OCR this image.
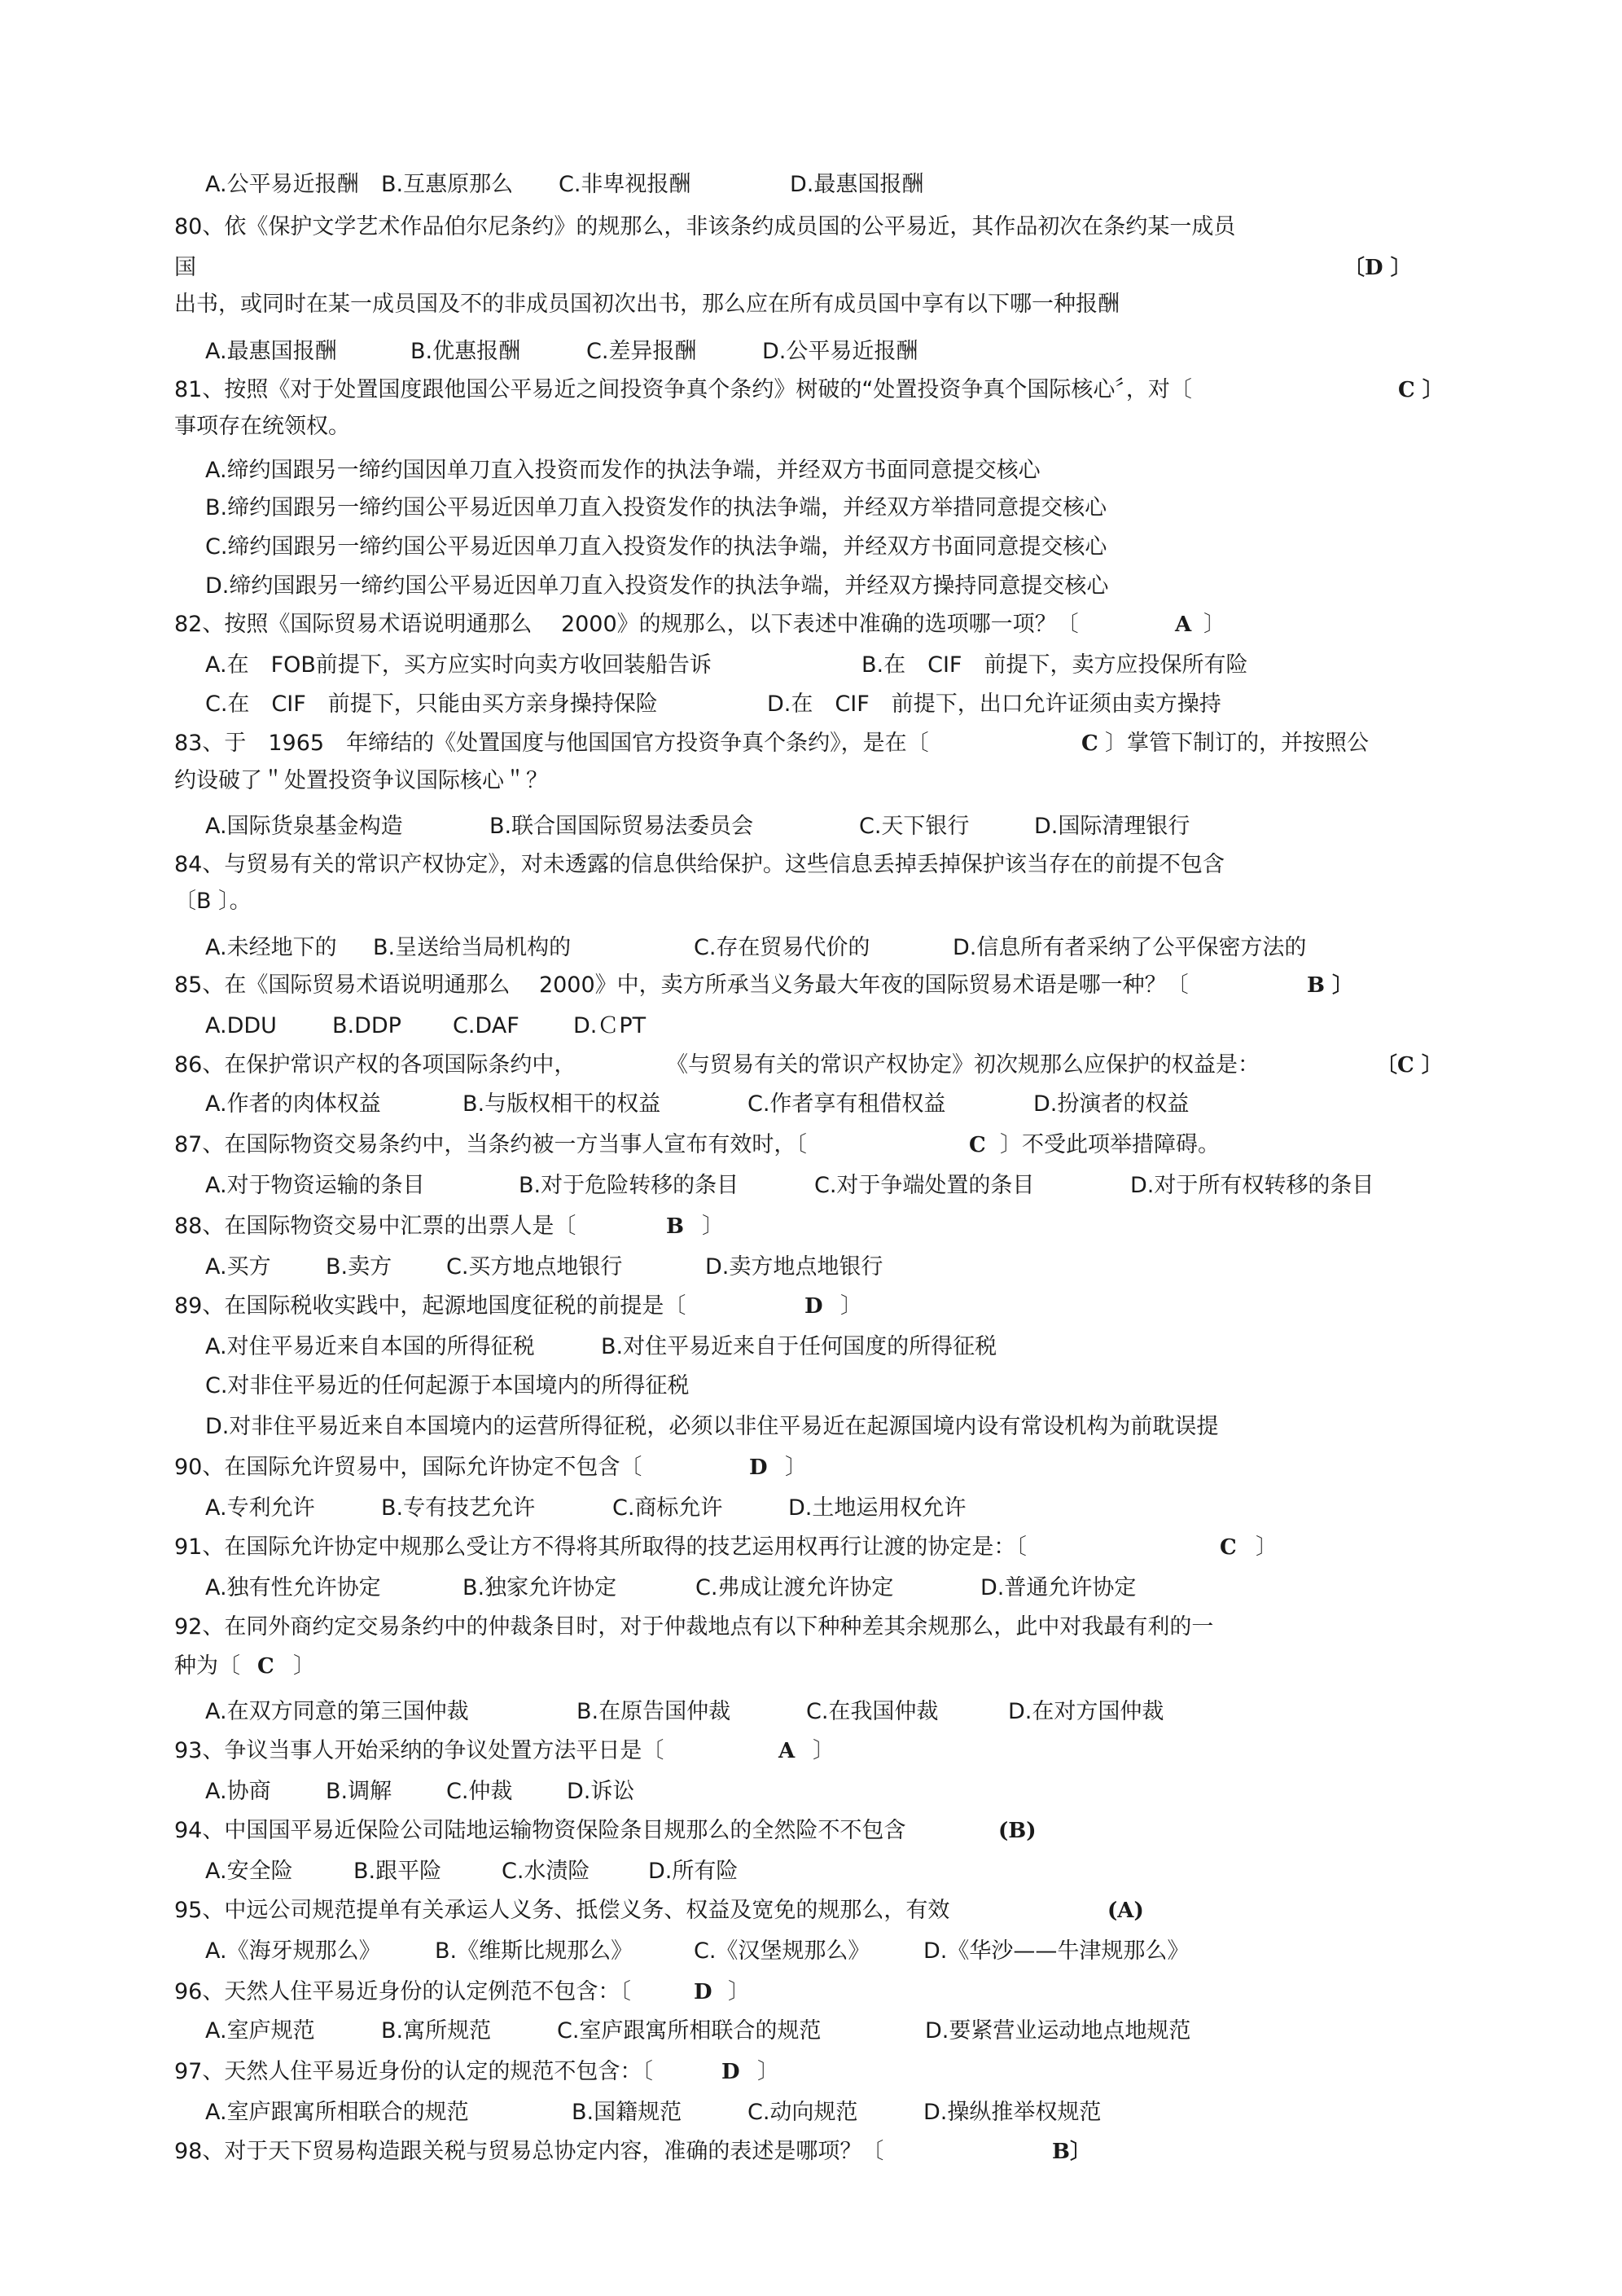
A.公平易近报酬 B.互惠原那么 C.非卑视报酬	D.最惠国报酬
80、依《保护文学艺术作品伯尔尼条约》的规那么，非该条约成员国的公平易近，其作品初次在条约某一成员
国	〔D 〕
出书，或同时在某一成员国及不的非成员国初次出书，那么应在所有成员国中享有以下哪一种报酬
A.最惠国报酬	B.优惠报酬	C.差异报酬	D.公平易近报酬
81、按照《对于处置国度跟他国公平易近之间投资争真个条约》树破的“处置投资争真个国际核心〞，对〔	C 〕
事项存在统领权。
A.缔约国跟另一缔约国因单刀直入投资而发作的执法争端，并经双方书面同意提交核心
B.缔约国跟另一缔约国公平易近因单刀直入投资发作的执法争端，并经双方举措同意提交核心
C.缔约国跟另一缔约国公平易近因单刀直入投资发作的执法争端，并经双方书面同意提交核心
D.缔约国跟另一缔约国公平易近因单刀直入投资发作的执法争端，并经双方操持同意提交核心
82、按照《国际贸易术语说明通那么　 2000》的规那么，以下表述中准确的选项哪一项？〔	A 〕
A.在　FOB前提下，买方应实时向卖方收回装船告诉	B.在　CIF　前提下，卖方应投保所有险
C.在　CIF　前提下，只能由买方亲身操持保险	D.在　CIF　前提下，出口允许证须由卖方操持
83、于　1965　年缔结的《处置国度与他国国官方投资争真个条约》，是在〔	C 〕掌管下制订的，并按照公
约设破了＂处置投资争议国际核心＂？
A.国际货泉基金构造	B.联合国国际贸易法委员会	C.天下银行	D.国际清理银行
84、与贸易有关的常识产权协定》，对未透露的信息供给保护。这些信息丢掉丢掉保护该当存在的前提不包含
〔B 〕。
A.未经地下的 B.呈送给当局机构的	C.存在贸易代价的	D.信息所有者采纳了公平保密方法的
85、在《国际贸易术语说明通那么　 2000》中，卖方所承当义务最大年夜的国际贸易术语是哪一种？〔	B 〕
A.DDU	B.DDP C.DAF D.ＣPT
86、在保护常识产权的各项国际条约中，	《与贸易有关的常识产权协定》初次规那么应保护的权益是：	〔C 〕
A.作者的肉体权益	B.与版权相干的权益	C.作者享有租借权益	D.扮演者的权益
87、在国际物资交易条约中，当条约被一方当事人宣布有效时，〔	C 〕不受此项举措障碍。
A.对于物资运输的条目	B.对于危险转移的条目	C.对于争端处置的条目	D.对于所有权转移的条目
88、在国际物资交易中汇票的出票人是〔	B 〕
A.买方 B.卖方 C.买方地点地银行	D.卖方地点地银行
89、在国际税收实践中，起源地国度征税的前提是〔	D 〕
A.对住平易近来自本国的所得征税	B.对住平易近来自于任何国度的所得征税
C.对非住平易近的任何起源于本国境内的所得征税
D.对非住平易近来自本国境内的运营所得征税，必须以非住平易近在起源国境内设有常设机构为前耽误提
90、在国际允许贸易中，国际允许协定不包含〔	D 〕
A.专利允许	B.专有技艺允许	C.商标允许	D.土地运用权允许
91、在国际允许协定中规那么受让方不得将其所取得的技艺运用权再行让渡的协定是：〔	C 〕
A.独有性允许协定	B.独家允许协定	C.弗成让渡允许协定	D.普通允许协定
92、在同外商约定交易条约中的仲裁条目时，对于仲裁地点有以下种种差其余规那么，此中对我最有利的一
种为〔 C 〕
A.在双方同意的第三国仲裁	B.在原告国仲裁	C.在我国仲裁	D.在对方国仲裁
93、争议当事人开始采纳的争议处置方法平日是〔	A 〕
A.协商 B.调解 C.仲裁 D.诉讼
94、中国国平易近保险公司陆地运输物资保险条目规那么的全然险不不包含	(B)
A.安全险	B.跟平险	C.水渍险	D.所有险
95、中远公司规范提单有关承运人义务、抵偿义务、权益及宽免的规那么，有效	(A)
A.《海牙规那么》 B.《维斯比规那么》	C.《汉堡规那么》 D.《华沙——牛津规那么》
96、天然人住平易近身份的认定例范不包含：〔	D 〕
A.室庐规范	B.寓所规范	C.室庐跟寓所相联合的规范	D.要紧营业运动地点地规范
97、天然人住平易近身份的认定的规范不包含：〔	D 〕
A.室庐跟寓所相联合的规范	B.国籍规范	C.动向规范	D.操纵推举权规范
98、对于天下贸易构造跟关税与贸易总协定内容，准确的表述是哪项？〔	B〕
